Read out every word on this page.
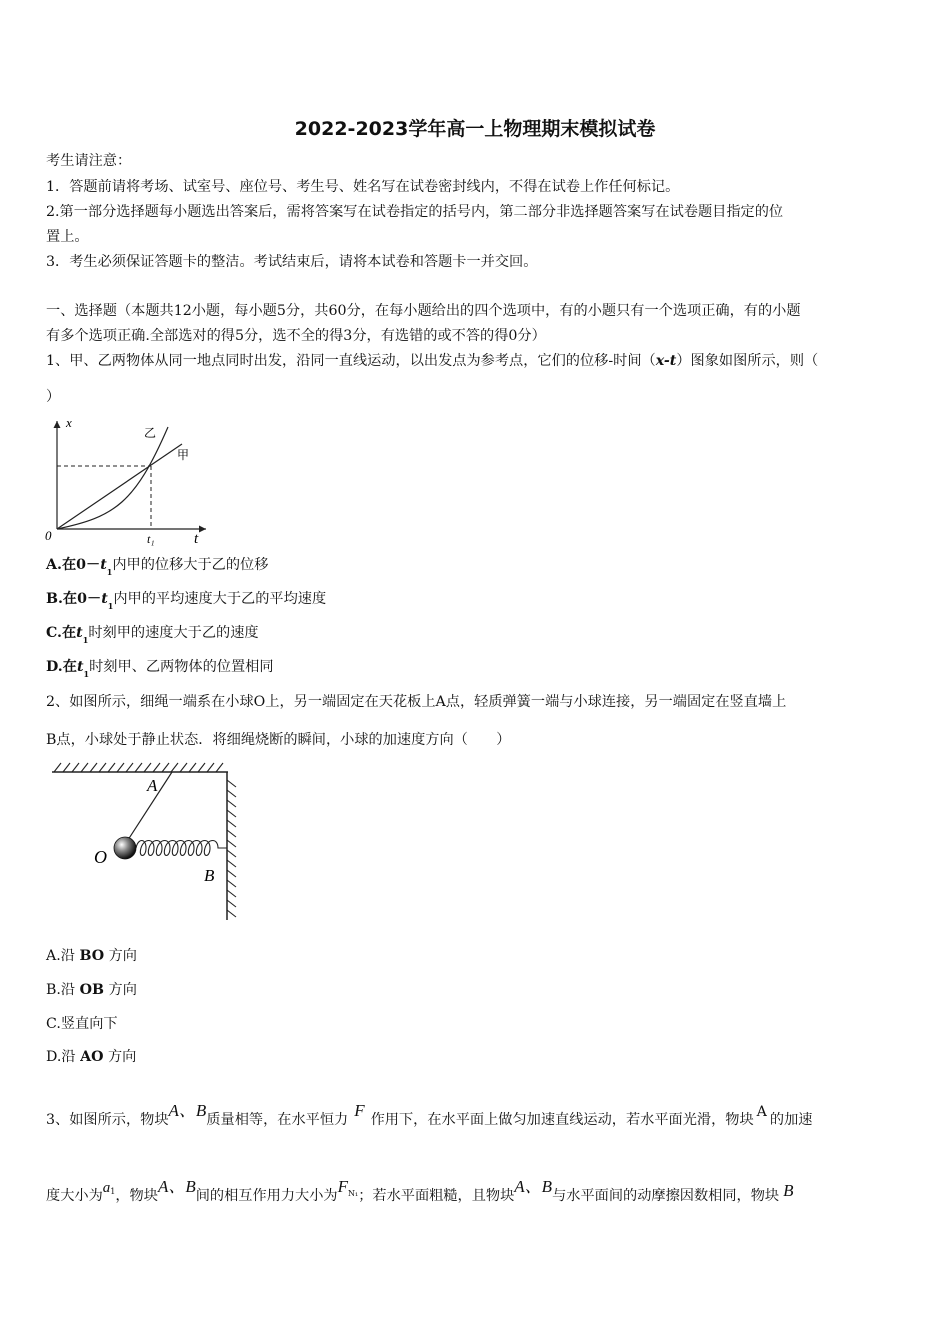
2022-2023学年高一上物理期末模拟试卷
考生请注意：
1．答题前请将考场、试室号、座位号、考生号、姓名写在试卷密封线内，不得在试卷上作任何标记。
2.第一部分选择题每小题选出答案后，需将答案写在试卷指定的括号内，第二部分非选择题答案写在试卷题目指定的位
置上。
3．考生必须保证答题卡的整洁。考试结束后，请将本试卷和答题卡一并交回。
一、选择题（本题共12小题，每小题5分，共60分，在每小题给出的四个选项中，有的小题只有一个选项正确，有的小题
有多个选项正确.全部选对的得5分，选不全的得3分，有选错的或不答的得0分）
1、甲、乙两物体从同一地点同时出发，沿同一直线运动，以出发点为参考点，它们的位移-时间（x-t）图象如图所示，则（
）
x
t
0	t₁
乙
甲
A.在$0-t_1$内甲的位移大于乙的位移
B.在$0-t_1$内甲的平均速度大于乙的平均速度
C.在$t_1$时刻甲的速度大于乙的速度
D.在$t_1$时刻甲、乙两物体的位置相同
2、如图所示，细绳一端系在小球O上，另一端固定在天花板上A点，轻质弹簧一端与小球连接，另一端固定在竖直墙上
B点，小球处于静止状态．将细绳烧断的瞬间，小球的加速度方向（　　）
A
O
B
A.沿 BO 方向
B.沿 OB 方向
C.竖直向下
D.沿 AO 方向
3、如图所示，物块A、B质量相等，在水平恒力 F 作用下，在水平面上做匀加速直线运动，若水平面光滑，物块 A 的加速
度大小为$a^1$，物块A、B间的相互作用力大小为$F^{N_1}$；若水平面粗糙，且物块A、B与水平面间的动摩擦因数相同，物块 B
